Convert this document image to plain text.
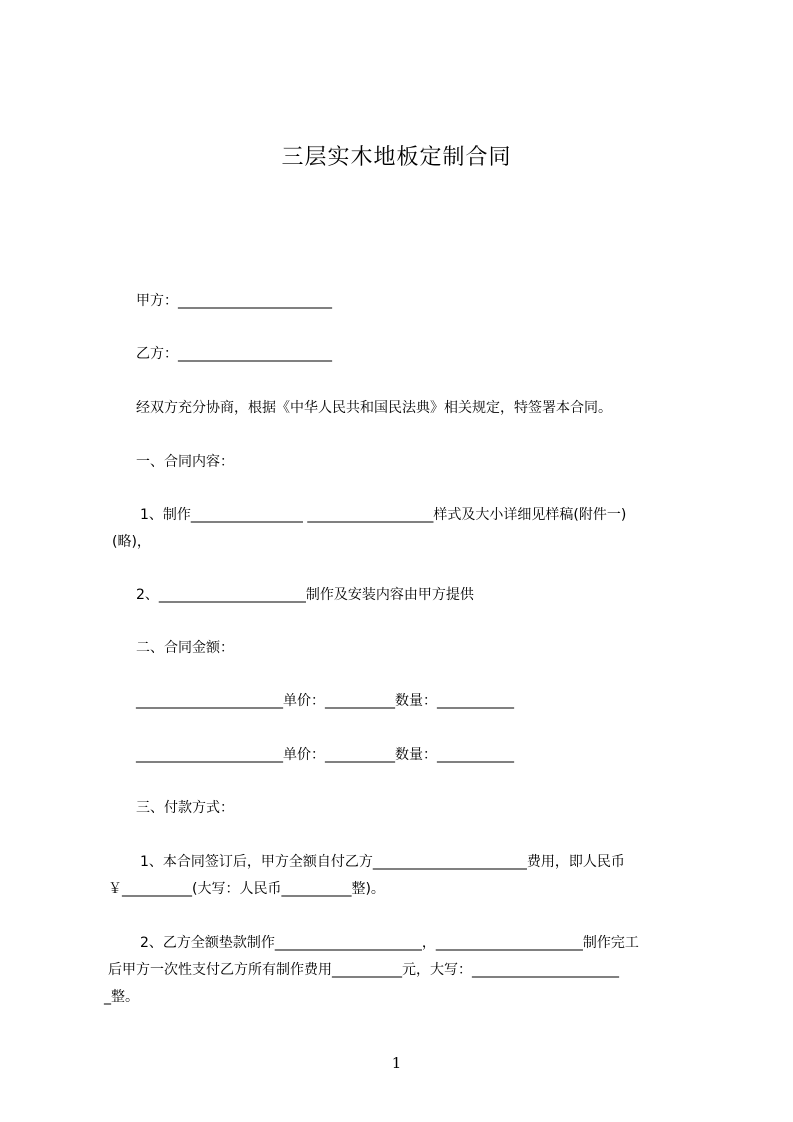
三层实木地板定制合同
甲方：______________________
乙方：______________________
经双方充分协商，根据《中华人民共和国民法典》相关规定，特签署本合同。
一、合同内容：
1、制作________________ __________________样式及大小详细见样稿(附件一)
(略)，
2、_____________________制作及安装内容由甲方提供
二、合同金额：
_____________________单价：__________数量：___________
_____________________单价：__________数量：___________
三、付款方式：
1、本合同签订后，甲方全额自付乙方______________________费用，即人民币
￥__________(大写：人民币__________整)。
2、乙方全额垫款制作_____________________，_____________________制作完工
后甲方一次性支付乙方所有制作费用__________元，大写：_____________________
_整。
1
